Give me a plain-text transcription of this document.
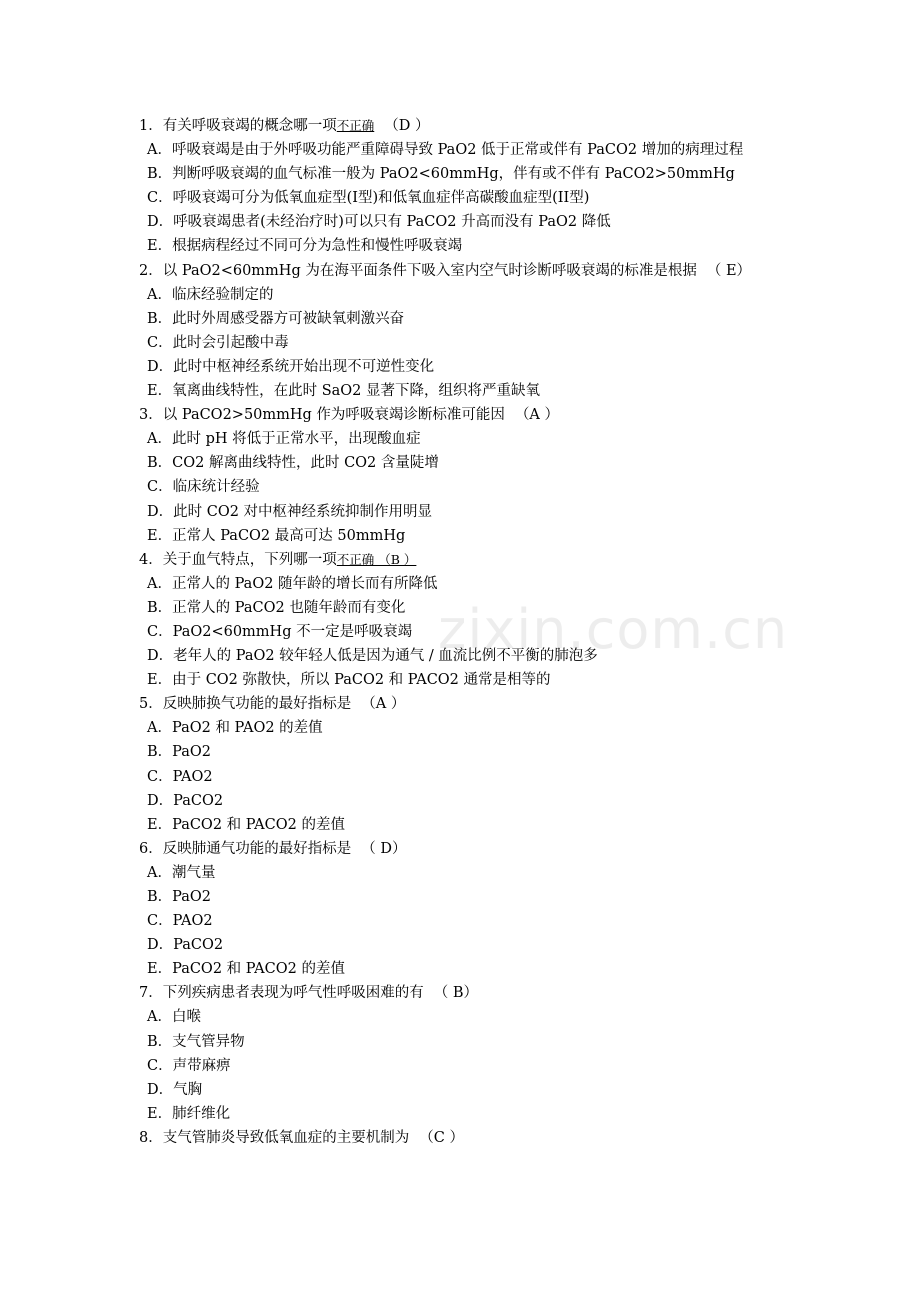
zixin.com.cn
1．有关呼吸衰竭的概念哪一项不正确 （D ）
A．呼吸衰竭是由于外呼吸功能严重障碍导致 PaO2 低于正常或伴有 PaCO2 增加的病理过程
B．判断呼吸衰竭的血气标准一般为 PaO2<60mmHg，伴有或不伴有 PaCO2>50mmHg
C．呼吸衰竭可分为低氧血症型(I型)和低氧血症伴高碳酸血症型(II型)
D．呼吸衰竭患者(未经治疗时)可以只有 PaCO2 升高而没有 PaO2 降低
E．根据病程经过不同可分为急性和慢性呼吸衰竭
2．以 PaO2<60mmHg 为在海平面条件下吸入室内空气时诊断呼吸衰竭的标准是根据 （ E）
A．临床经验制定的
B．此时外周感受器方可被缺氧刺激兴奋
C．此时会引起酸中毒
D．此时中枢神经系统开始出现不可逆性变化
E．氧离曲线特性，在此时 SaO2 显著下降，组织将严重缺氧
3．以 PaCO2>50mmHg 作为呼吸衰竭诊断标准可能因 （A ）
A．此时 pH 将低于正常水平，出现酸血症
B．CO2 解离曲线特性，此时 CO2 含量陡增
C．临床统计经验
D．此时 CO2 对中枢神经系统抑制作用明显
E．正常人 PaCO2 最高可达 50mmHg
4．关于血气特点，下列哪一项不正确 （B ）
A．正常人的 PaO2 随年龄的增长而有所降低
B．正常人的 PaCO2 也随年龄而有变化
C．PaO2<60mmHg 不一定是呼吸衰竭
D．老年人的 PaO2 较年轻人低是因为通气 / 血流比例不平衡的肺泡多
E．由于 CO2 弥散快，所以 PaCO2 和 PACO2 通常是相等的
5．反映肺换气功能的最好指标是 （A ）
A．PaO2 和 PAO2 的差值
B．PaO2
C．PAO2
D．PaCO2
E．PaCO2 和 PACO2 的差值
6．反映肺通气功能的最好指标是 （ D）
A．潮气量
B．PaO2
C．PAO2
D．PaCO2
E．PaCO2 和 PACO2 的差值
7．下列疾病患者表现为呼气性呼吸困难的有 （ B）
A．白喉
B．支气管异物
C．声带麻痹
D．气胸
E．肺纤维化
8．支气管肺炎导致低氧血症的主要机制为 （C ）
